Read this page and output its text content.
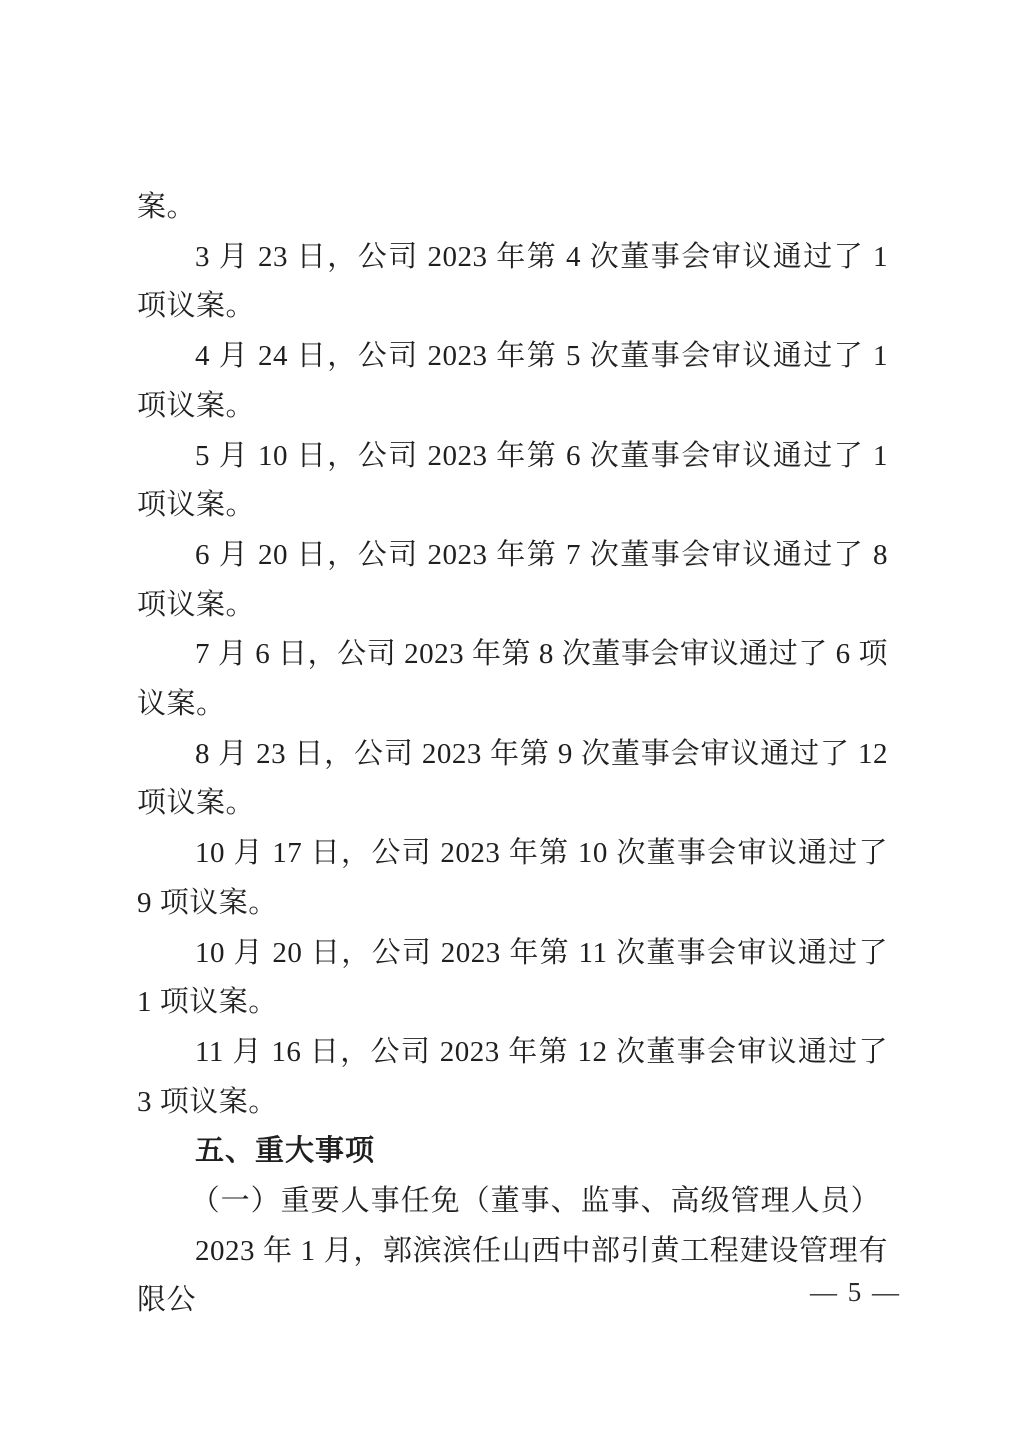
案。

3 月 23 日，公司 2023 年第 4 次董事会审议通过了 1 项议案。

4 月 24 日，公司 2023 年第 5 次董事会审议通过了 1 项议案。

5 月 10 日，公司 2023 年第 6 次董事会审议通过了 1 项议案。

6 月 20 日，公司 2023 年第 7 次董事会审议通过了 8 项议案。

7 月 6 日，公司 2023 年第 8 次董事会审议通过了 6 项议案。

8 月 23 日，公司 2023 年第 9 次董事会审议通过了 12 项议案。

10 月 17 日，公司 2023 年第 10 次董事会审议通过了 9 项议案。

10 月 20 日，公司 2023 年第 11 次董事会审议通过了 1 项议案。

11 月 16 日，公司 2023 年第 12 次董事会审议通过了 3 项议案。

五、重大事项

（一）重要人事任免（董事、监事、高级管理人员）

2023 年 1 月，郭滨滨任山西中部引黄工程建设管理有限公	— 5 —
